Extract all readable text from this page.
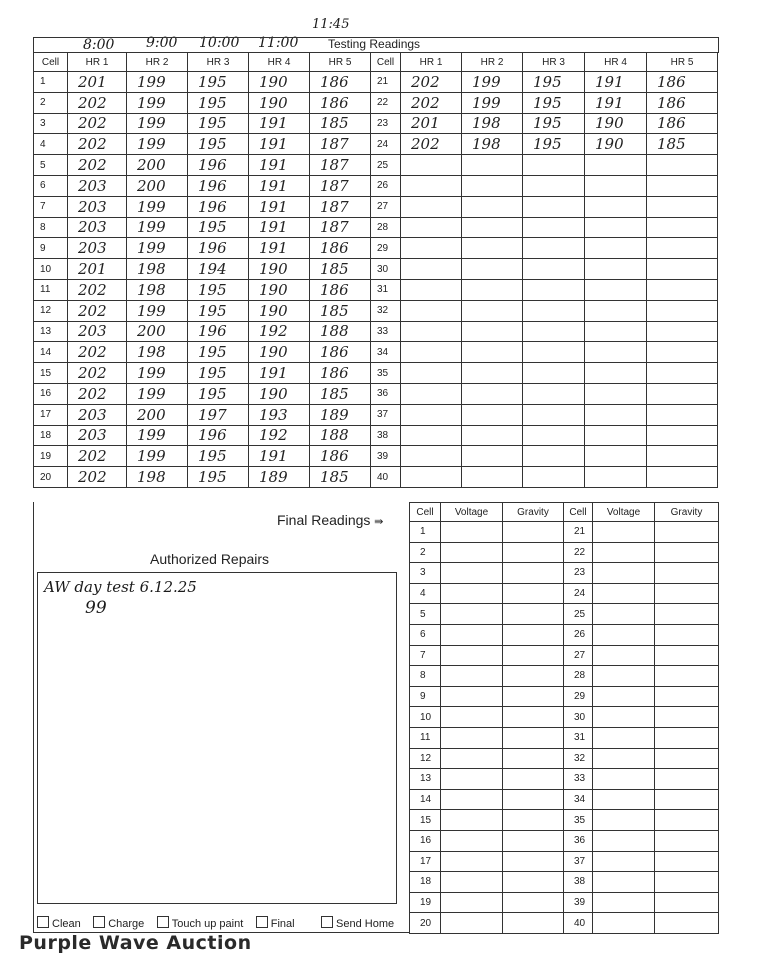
8:00 9:00 10:00 11:00
11:45
Testing Readings
Cell	HR 1	HR 2	HR 3	HR 4	HR 5	Cell	HR 1	HR 2	HR 3	HR 4	HR 5
1	201	199	195	190	186	21	202	199	195	191	186
2	202	199	195	190	186	22	202	199	195	191	186
3	202	199	195	191	185	23	201	198	195	190	186
4	202	199	195	191	187	24	202	198	195	190	185
5	202	200	196	191	187	25					
6	203	200	196	191	187	26					
7	203	199	196	191	187	27					
8	203	199	195	191	187	28					
9	203	199	196	191	186	29					
10	201	198	194	190	185	30					
11	202	198	195	190	186	31					
12	202	199	195	190	185	32					
13	203	200	196	192	188	33					
14	202	198	195	190	186	34					
15	202	199	195	191	186	35					
16	202	199	195	190	185	36					
17	203	200	197	193	189	37					
18	203	199	196	192	188	38					
19	202	199	195	191	186	39					
20	202	198	195	189	185	40					
Final Readings ⇛
Authorized Repairs
AW day test 6.12.25
99
Clean Charge Touch up paint Final	Send Home
Cell	Voltage	Gravity	Cell	Voltage	Gravity
1			21		
2			22		
3			23		
4			24		
5			25		
6			26		
7			27		
8			28		
9			29		
10			30		
11			31		
12			32		
13			33		
14			34		
15			35		
16			36		
17			37		
18			38		
19			39		
20			40		
Purple Wave Auction
